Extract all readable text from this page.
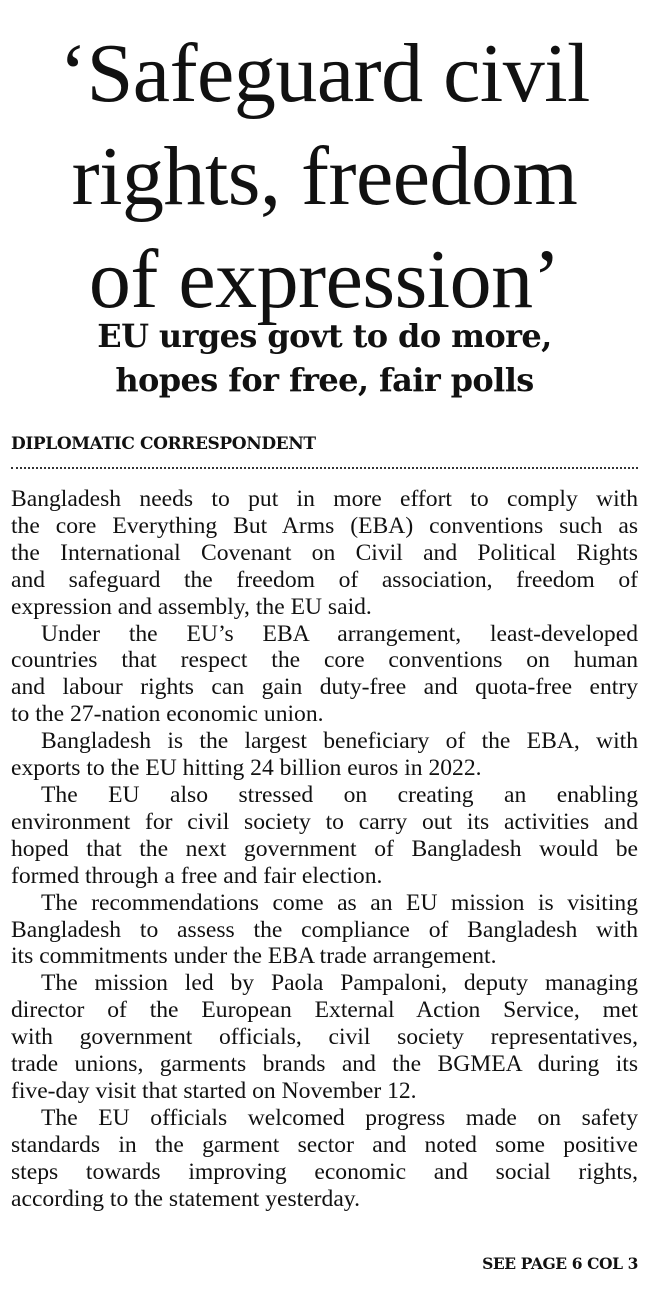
‘Safeguard civil
rights, freedom
of expression’
EU urges govt to do more,
hopes for free, fair polls
DIPLOMATIC CORRESPONDENT

Bangladesh needs to put in more effort to comply with
the core Everything But Arms (EBA) conventions such as
the International Covenant on Civil and Political Rights
and safeguard the freedom of association, freedom of
expression and assembly, the EU said.

Under the EU’s EBA arrangement, least-developed
countries that respect the core conventions on human
and labour rights can gain duty-free and quota-free entry
to the 27-nation economic union.

Bangladesh is the largest beneficiary of the EBA, with
exports to the EU hitting 24 billion euros in 2022.

The EU also stressed on creating an enabling
environment for civil society to carry out its activities and
hoped that the next government of Bangladesh would be
formed through a free and fair election.

The recommendations come as an EU mission is visiting
Bangladesh to assess the compliance of Bangladesh with
its commitments under the EBA trade arrangement.

The mission led by Paola Pampaloni, deputy managing
director of the European External Action Service, met
with government officials, civil society representatives,
trade unions, garments brands and the BGMEA during its
five-day visit that started on November 12.

The EU officials welcomed progress made on safety
standards in the garment sector and noted some positive
steps towards improving economic and social rights,
according to the statement yesterday.

SEE PAGE 6 COL 3
